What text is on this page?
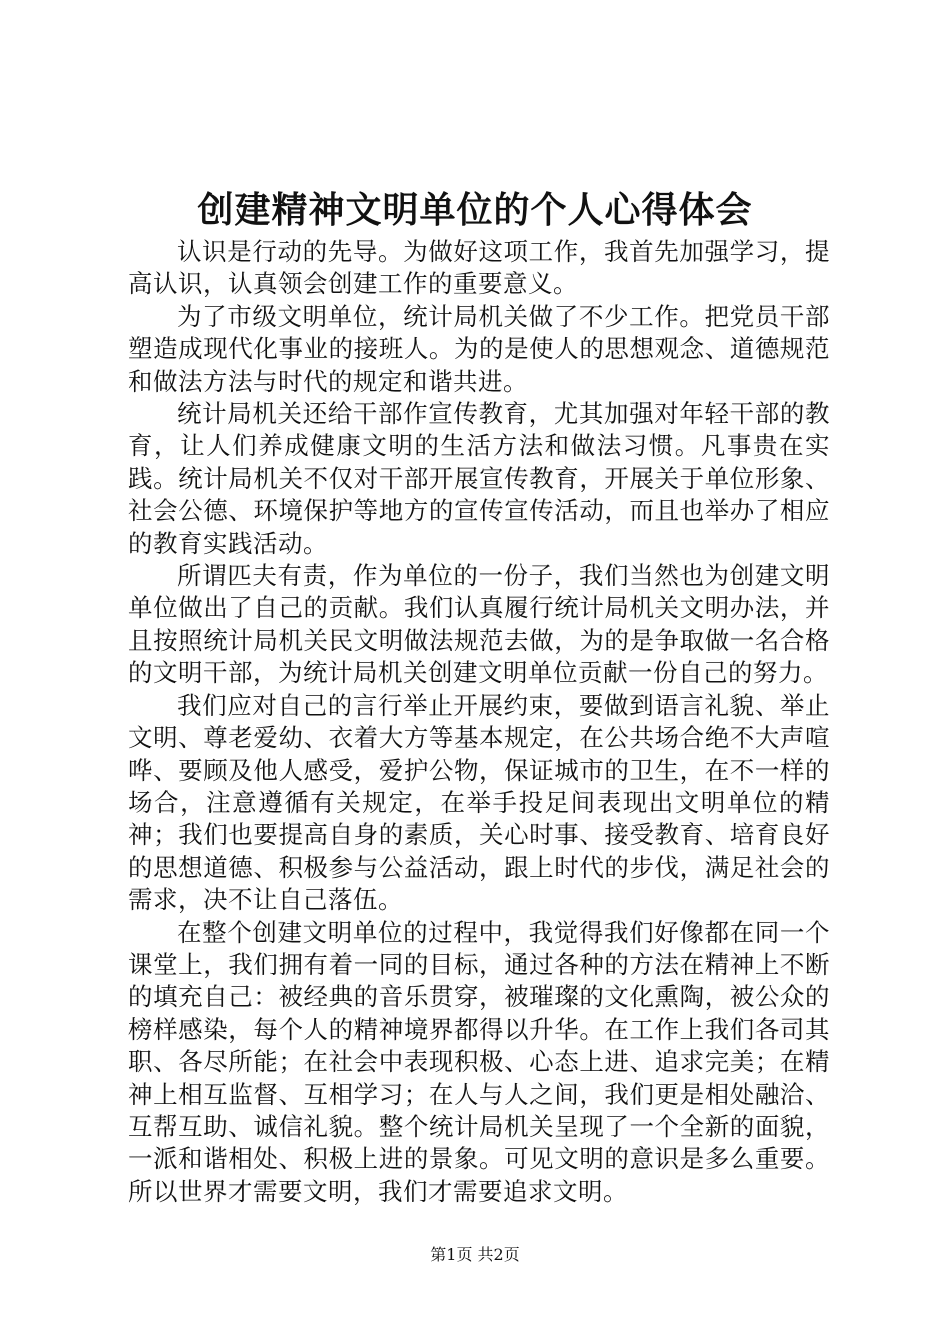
创建精神文明单位的个人心得体会

认识是行动的先导。为做好这项工作，我首先加强学习，提高认识，认真领会创建工作的重要意义。

为了市级文明单位，统计局机关做了不少工作。把党员干部塑造成现代化事业的接班人。为的是使人的思想观念、道德规范和做法方法与时代的规定和谐共进。

统计局机关还给干部作宣传教育，尤其加强对年轻干部的教育，让人们养成健康文明的生活方法和做法习惯。凡事贵在实践。统计局机关不仅对干部开展宣传教育，开展关于单位形象、社会公德、环境保护等地方的宣传宣传活动，而且也举办了相应的教育实践活动。

所谓匹夫有责，作为单位的一份子，我们当然也为创建文明单位做出了自己的贡献。我们认真履行统计局机关文明办法，并且按照统计局机关民文明做法规范去做，为的是争取做一名合格的文明干部，为统计局机关创建文明单位贡献一份自己的努力。

我们应对自己的言行举止开展约束，要做到语言礼貌、举止文明、尊老爱幼、衣着大方等基本规定，在公共场合绝不大声喧哗、要顾及他人感受，爱护公物，保证城市的卫生，在不一样的场合，注意遵循有关规定，在举手投足间表现出文明单位的精神；我们也要提高自身的素质，关心时事、接受教育、培育良好的思想道德、积极参与公益活动，跟上时代的步伐，满足社会的需求，决不让自己落伍。

在整个创建文明单位的过程中，我觉得我们好像都在同一个课堂上，我们拥有着一同的目标，通过各种的方法在精神上不断的填充自己：被经典的音乐贯穿，被璀璨的文化熏陶，被公众的榜样感染，每个人的精神境界都得以升华。在工作上我们各司其职、各尽所能；在社会中表现积极、心态上进、追求完美；在精神上相互监督、互相学习；在人与人之间，我们更是相处融洽、互帮互助、诚信礼貌。整个统计局机关呈现了一个全新的面貌，一派和谐相处、积极上进的景象。可见文明的意识是多么重要。所以世界才需要文明，我们才需要追求文明。

第1页 共2页
